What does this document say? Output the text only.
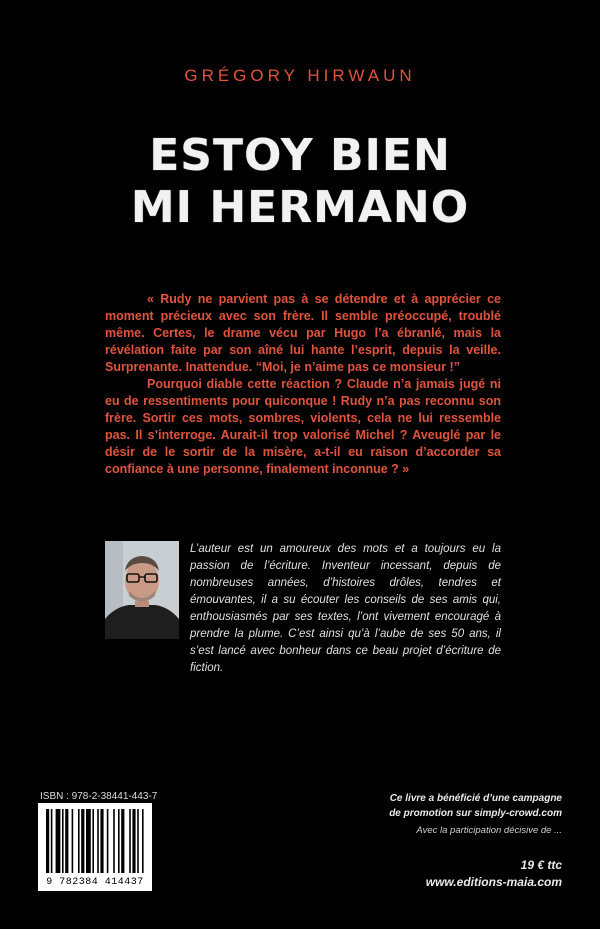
GRÉGORY HIRWAUN
ESTOY BIEN
MI HERMANO

« Rudy ne parvient pas à se détendre et à apprécier ce moment précieux avec son frère. Il semble préoccupé, troublé même. Certes, le drame vécu par Hugo l’a ébranlé, mais la révélation faite par son aîné lui hante l’esprit, depuis la veille. Surprenante. Inattendue. “Moi, je n’aime pas ce monsieur !”

Pourquoi diable cette réaction ? Claude n’a jamais jugé ni eu de ressentiments pour quiconque ! Rudy n’a pas reconnu son frère. Sortir ces mots, sombres, violents, cela ne lui ressemble pas. Il s’interroge. Aurait-il trop valorisé Michel ? Aveuglé par le désir de le sortir de la misère, a-t-il eu raison d’accorder sa confiance à une personne, finalement inconnue ? »

L’auteur est un amoureux des mots et a toujours eu la passion de l’écriture. Inventeur incessant, depuis de nombreuses années, d’histoires drôles, tendres et émouvantes, il a su écouter les conseils de ses amis qui, enthousiasmés par ses textes, l’ont vivement encouragé à prendre la plume. C’est ainsi qu’à l’aube de ses 50 ans, il s’est lancé avec bonheur dans ce beau projet d’écriture de fiction.
ISBN : 978-2-38441-443-7
9 782384 414437
Ce livre a bénéficié d’une campagne
de promotion sur simply-crowd.com
Avec la participation décisive de ...
19 € ttc
www.editions-maia.com
